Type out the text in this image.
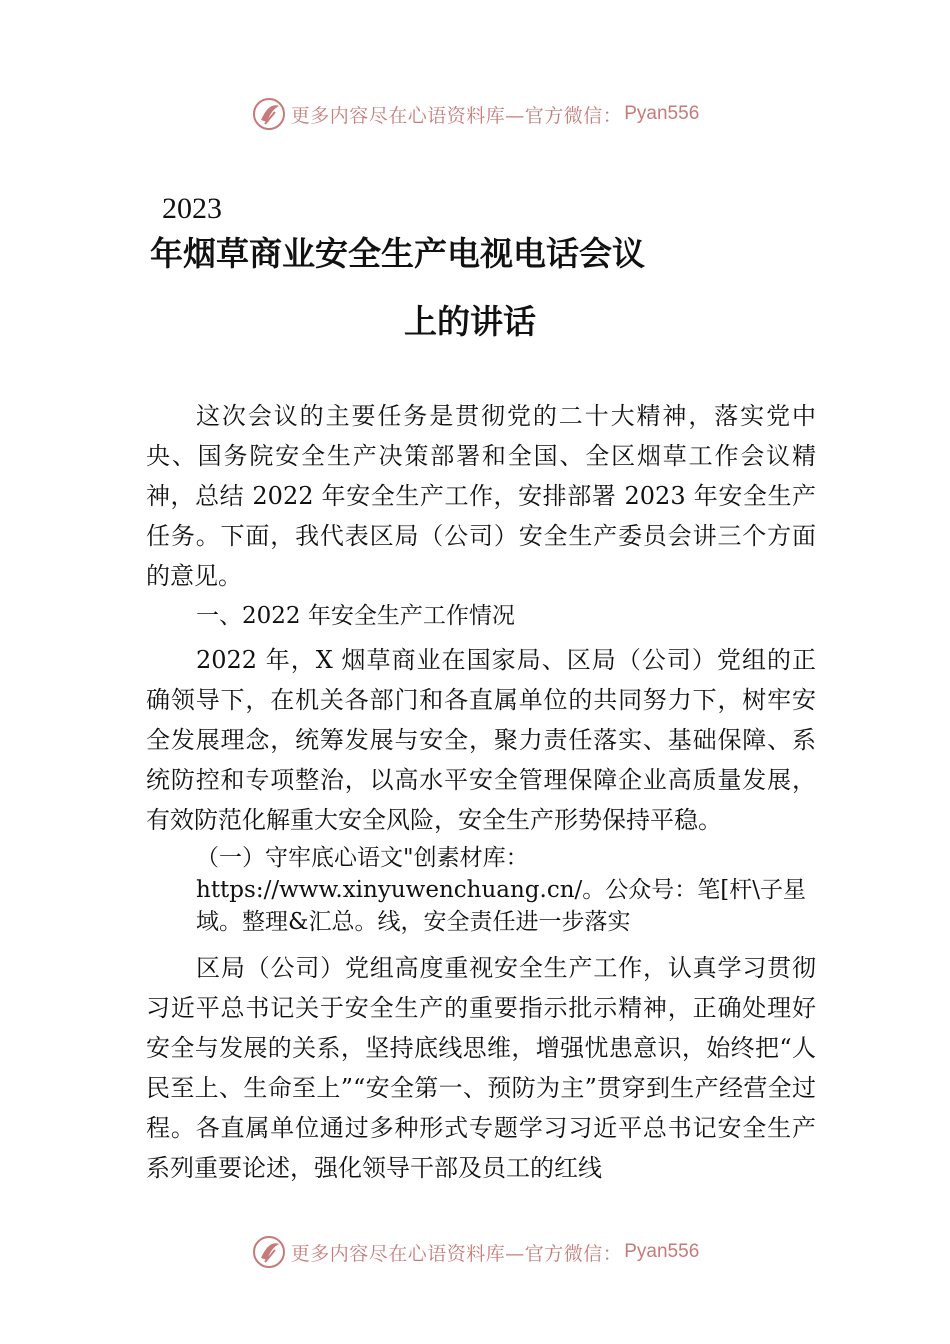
更多内容尽在心语资料库—官方微信： Pyan556
2023
年烟草商业安全生产电视电话会议
上的讲话
这次会议的主要任务是贯彻党的二十大精神，落实党中央、国务院安全生产决策部署和全国、全区烟草工作会议精神，总结 2022 年安全生产工作，安排部署 2023 年安全生产任务。下面，我代表区局（公司）安全生产委员会讲三个方面的意见。
一、2022 年安全生产工作情况
2022 年，X 烟草商业在国家局、区局（公司）党组的正确领导下，在机关各部门和各直属单位的共同努力下，树牢安全发展理念，统筹发展与安全，聚力责任落实、基础保障、系统防控和专项整治，以高水平安全管理保障企业高质量发展，有效防范化解重大安全风险，安全生产形势保持平稳。
（一）守牢底心语文"创素材库：https://www.xinyuwenchuang.cn/。公众号：笔[杆\子星域。整理&汇总。线，安全责任进一步落实
区局（公司）党组高度重视安全生产工作，认真学习贯彻习近平总书记关于安全生产的重要指示批示精神，正确处理好安全与发展的关系，坚持底线思维，增强忧患意识，始终把“人民至上、生命至上”“安全第一、预防为主”贯穿到生产经营全过程。各直属单位通过多种形式专题学习习近平总书记安全生产系列重要论述，强化领导干部及员工的红线
更多内容尽在心语资料库—官方微信： Pyan556
